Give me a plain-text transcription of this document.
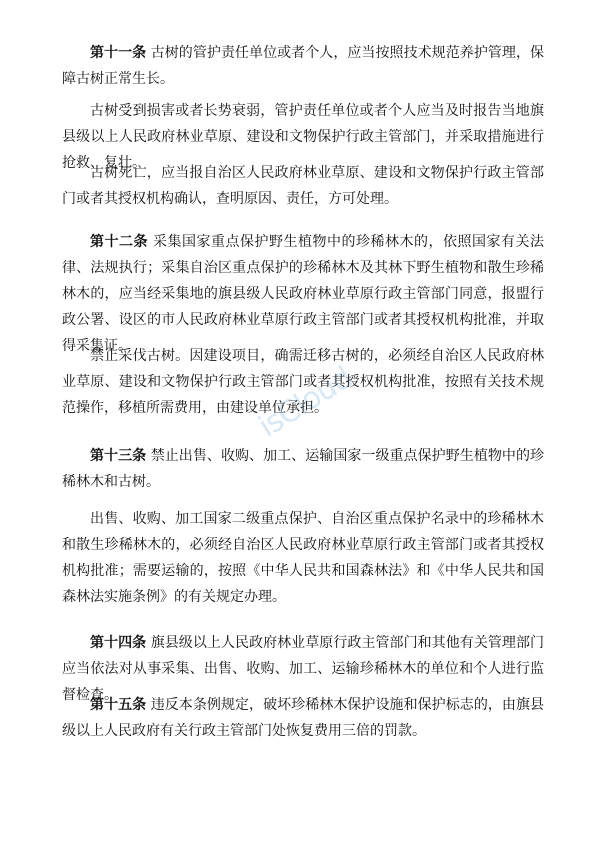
isCloud

第十一条 古树的管护责任单位或者个人，应当按照技术规范养护管理，保障古树正常生长。

古树受到损害或者长势衰弱，管护责任单位或者个人应当及时报告当地旗县级以上人民政府林业草原、建设和文物保护行政主管部门，并采取措施进行抢救、复壮。

古树死亡，应当报自治区人民政府林业草原、建设和文物保护行政主管部门或者其授权机构确认，查明原因、责任，方可处理。

第十二条 采集国家重点保护野生植物中的珍稀林木的，依照国家有关法律、法规执行；采集自治区重点保护的珍稀林木及其林下野生植物和散生珍稀林木的，应当经采集地的旗县级人民政府林业草原行政主管部门同意，报盟行政公署、设区的市人民政府林业草原行政主管部门或者其授权机构批准，并取得采集证。

禁止采伐古树。因建设项目，确需迁移古树的，必须经自治区人民政府林业草原、建设和文物保护行政主管部门或者其授权机构批准，按照有关技术规范操作，移植所需费用，由建设单位承担。

第十三条 禁止出售、收购、加工、运输国家一级重点保护野生植物中的珍稀林木和古树。

出售、收购、加工国家二级重点保护、自治区重点保护名录中的珍稀林木和散生珍稀林木的，必须经自治区人民政府林业草原行政主管部门或者其授权机构批准；需要运输的，按照《中华人民共和国森林法》和《中华人民共和国森林法实施条例》的有关规定办理。

第十四条 旗县级以上人民政府林业草原行政主管部门和其他有关管理部门应当依法对从事采集、出售、收购、加工、运输珍稀林木的单位和个人进行监督检查。

第十五条 违反本条例规定，破坏珍稀林木保护设施和保护标志的，由旗县级以上人民政府有关行政主管部门处恢复费用三倍的罚款。
